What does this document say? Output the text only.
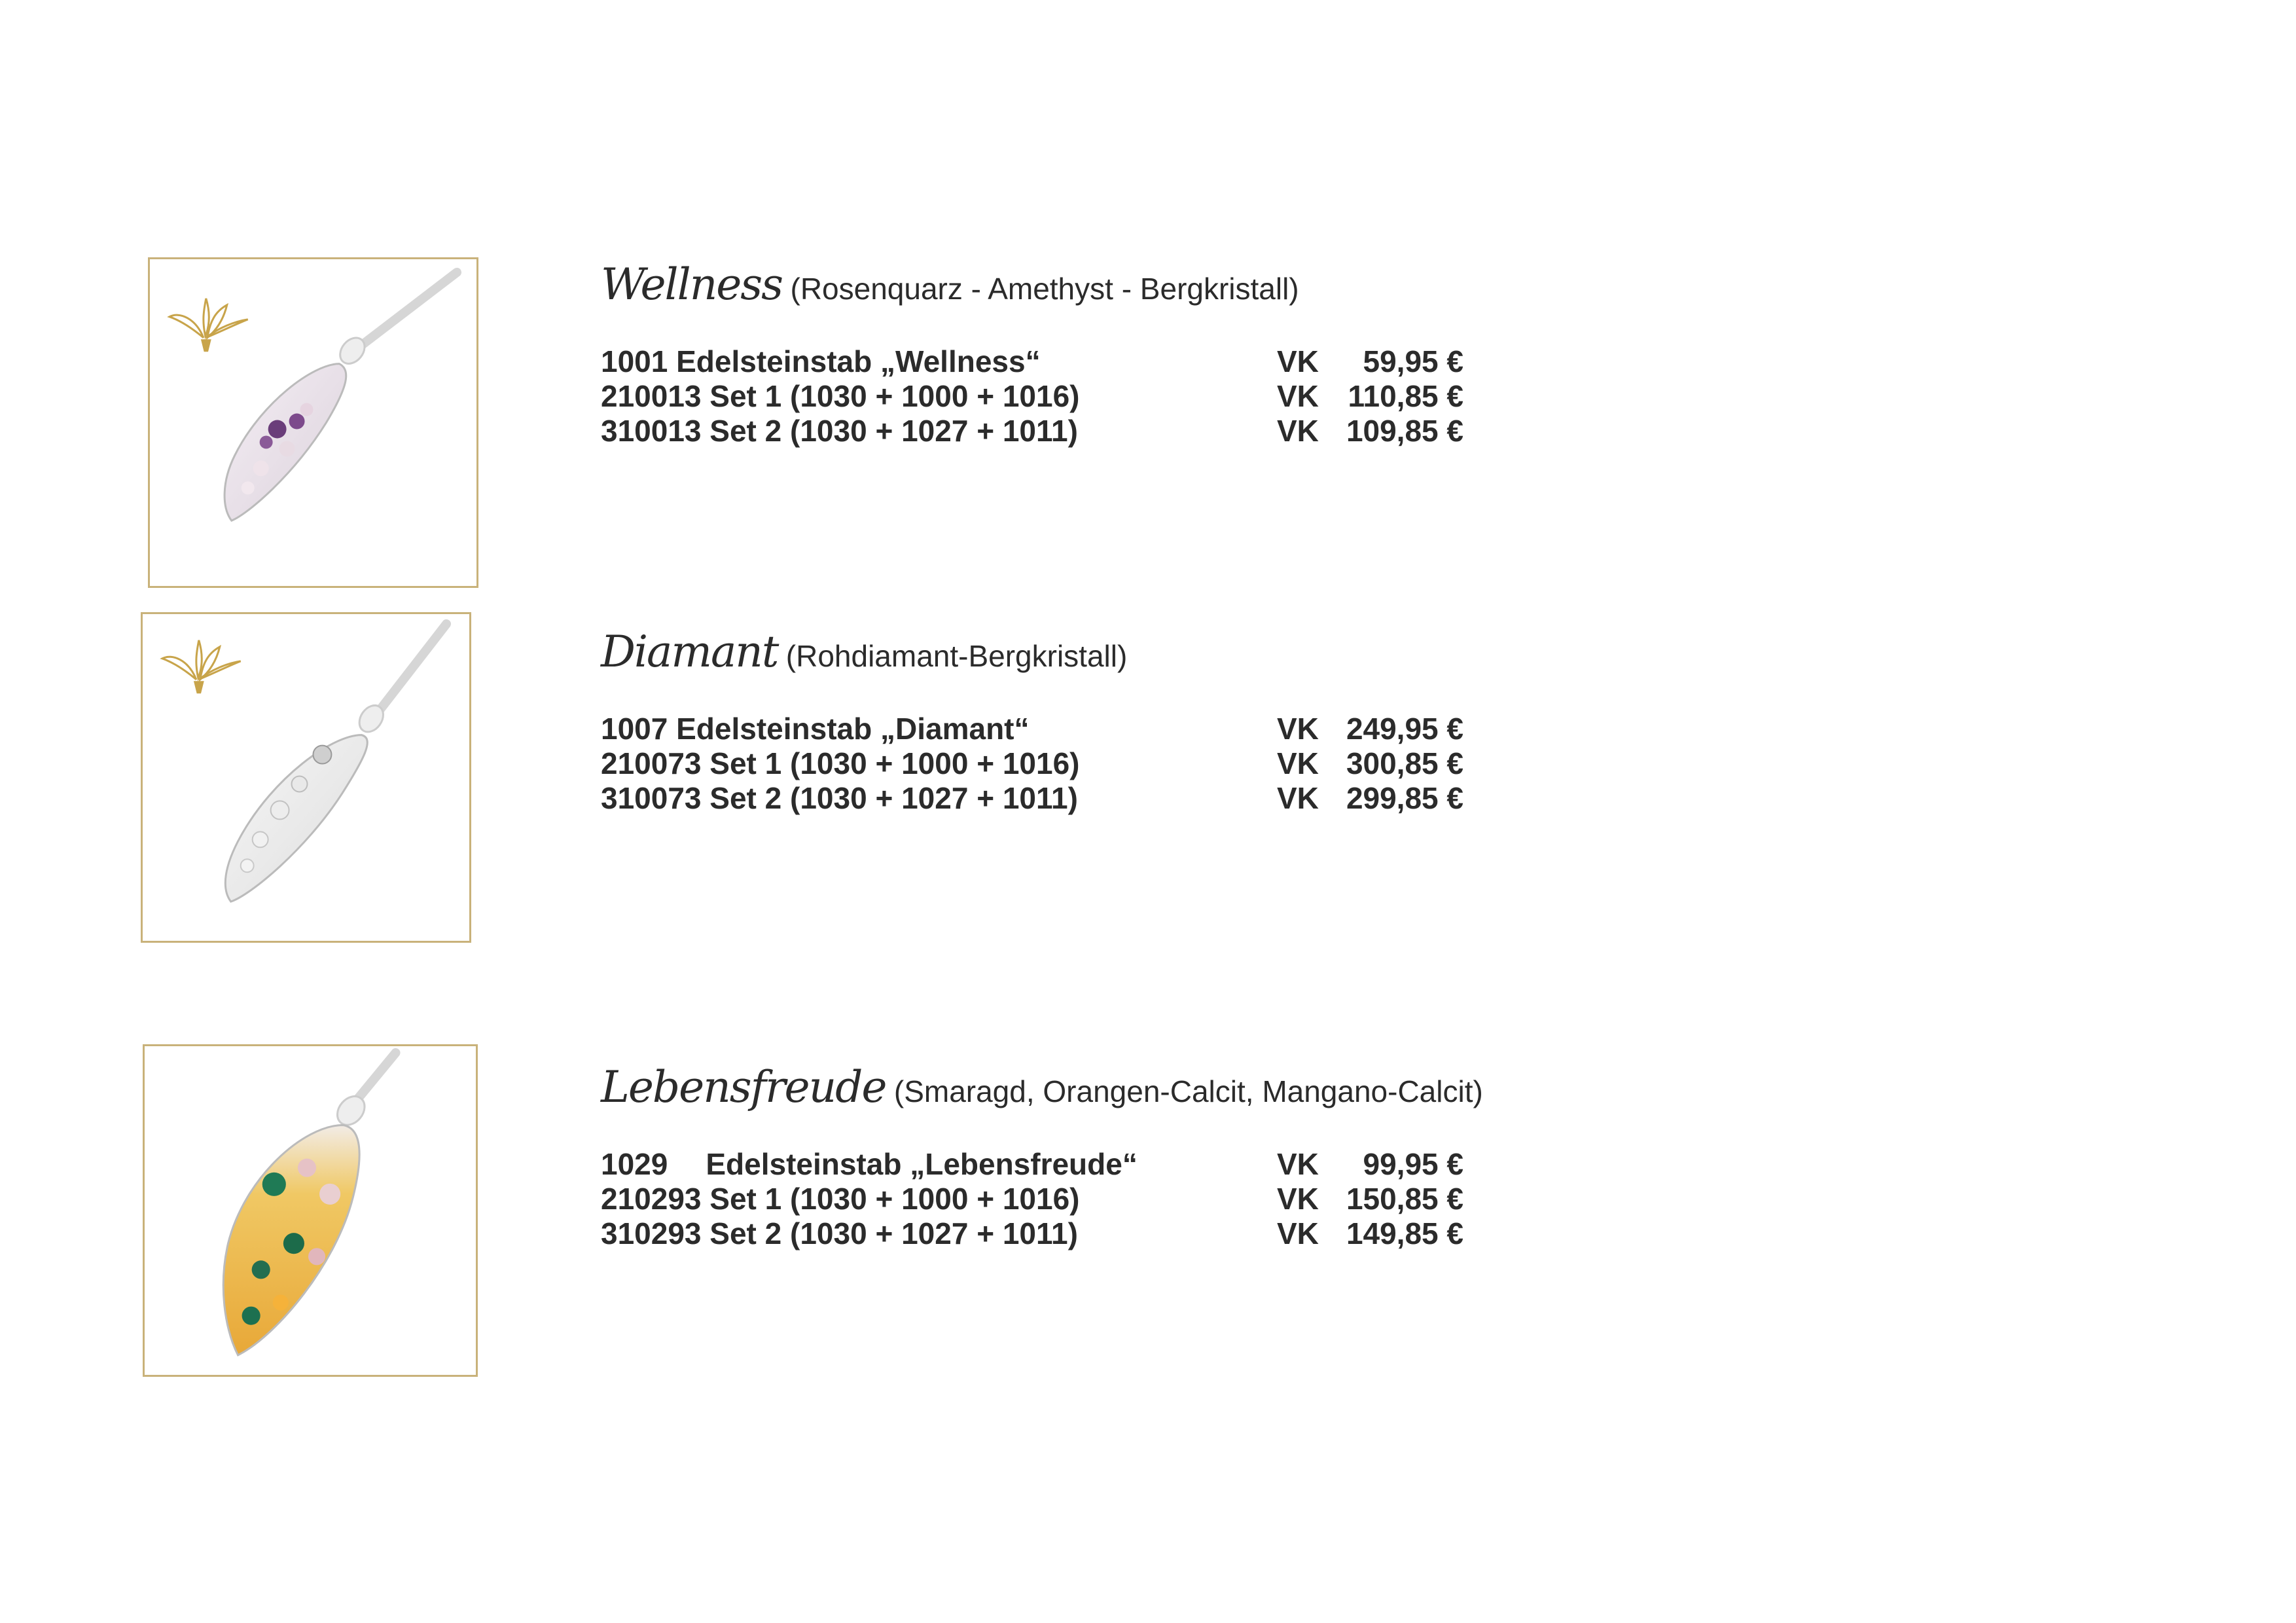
Wellness (Rosenquarz - Amethyst - Bergkristall)
1001 Edelsteinstab „Wellness“	VK 59,95 €
210013 Set 1 (1030 + 1000 + 1016)	VK 110,85 €
310013 Set 2 (1030 + 1027 + 1011)	VK 109,85 €
Diamant (Rohdiamant-Bergkristall)
1007 Edelsteinstab „Diamant“	VK 249,95 €
210073 Set 1 (1030 + 1000 + 1016)	VK 300,85 €
310073 Set 2 (1030 + 1027 + 1011)	VK 299,85 €
Lebensfreude (Smaragd, Orangen-Calcit, Mangano-Calcit)
1029 Edelsteinstab „Lebensfreude“	VK 99,95 €
210293 Set 1 (1030 + 1000 + 1016)	VK 150,85 €
310293 Set 2 (1030 + 1027 + 1011)	VK 149,85 €
